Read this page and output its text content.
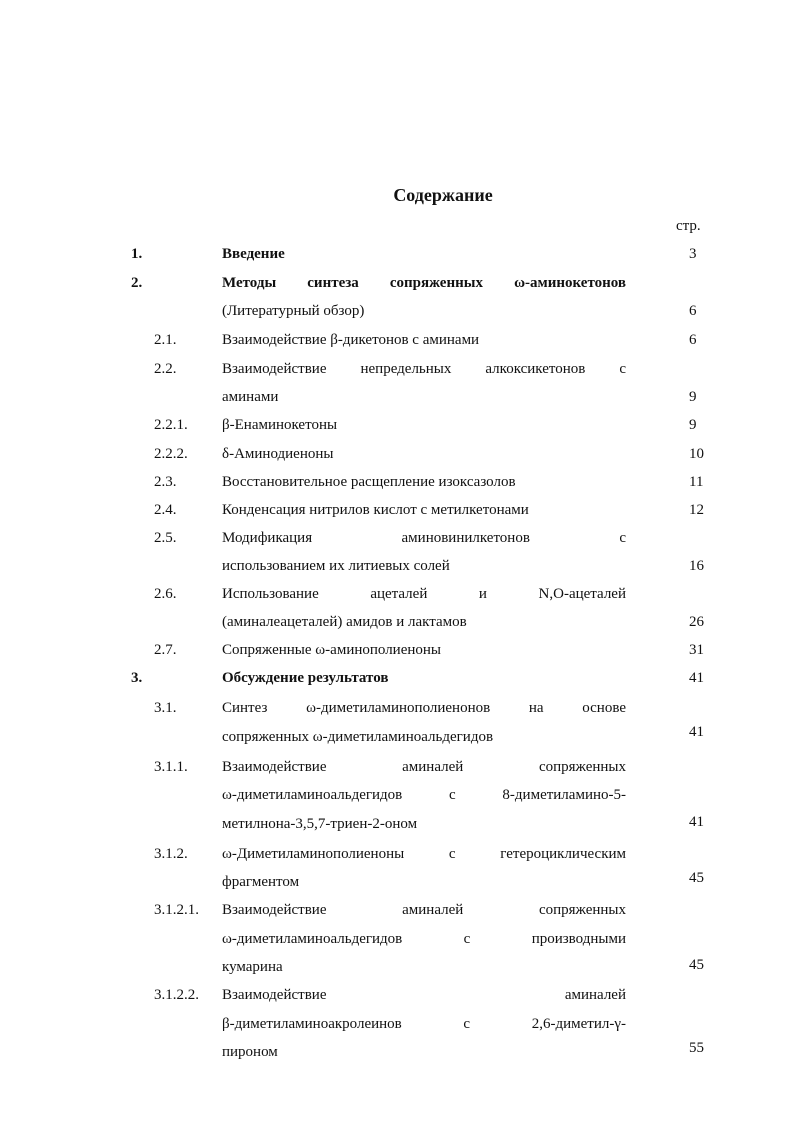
Содержание
стр.
1.	Введение	3
2.	Методы синтеза сопряженных ω-аминокетонов
(Литературный обзор)	6
2.1.	Взаимодействие β-дикетонов с аминами	6
2.2.	Взаимодействие непредельных алкоксикетонов с
аминами	9
2.2.1. β-Енаминокетоны	9
2.2.2. δ-Аминодиеноны	10
2.3.	Восстановительное расщепление изоксазолов	11
2.4.	Конденсация нитрилов кислот с метилкетонами	12
2.5.	Модификация аминовинилкетонов с
использованием их литиевых солей	16
2.6.	Использование ацеталей и N,O-ацеталей
(аминалеацеталей) амидов и лактамов	26
2.7.	Сопряженные ω-аминополиеноны	31
3.	Обсуждение результатов	41
3.1.	Синтез ω-диметиламинополиенонов на основе
сопряженных ω-диметиламиноальдегидов	41
3.1.1. Взаимодействие аминалей сопряженных
ω-диметиламиноальдегидов с 8-диметиламино-5-
метилнона-3,5,7-триен-2-оном	41
3.1.2. ω-Диметиламинополиеноны с гетероциклическим
фрагментом	45
3.1.2.1. Взаимодействие аминалей сопряженных
ω-диметиламиноальдегидов с производными
кумарина	45
3.1.2.2. Взаимодействие аминалей
β-диметиламиноакролеинов с 2,6-диметил-γ-
пироном	55
